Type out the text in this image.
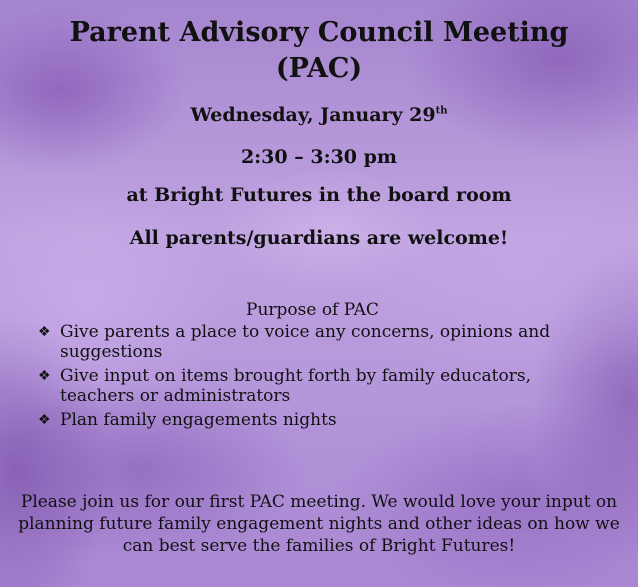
Parent Advisory Council Meeting
(PAC)

Wednesday, January 29th

2:30 – 3:30 pm

at Bright Futures in the board room

All parents/guardians are welcome!

Purpose of PAC

❖ Give parents a place to voice any concerns, opinions and suggestions
❖ Give input on items brought forth by family educators, teachers or administrators
❖ Plan family engagements nights

Please join us for our first PAC meeting. We would love your input on planning future family engagement nights and other ideas on how we can best serve the families of Bright Futures!
